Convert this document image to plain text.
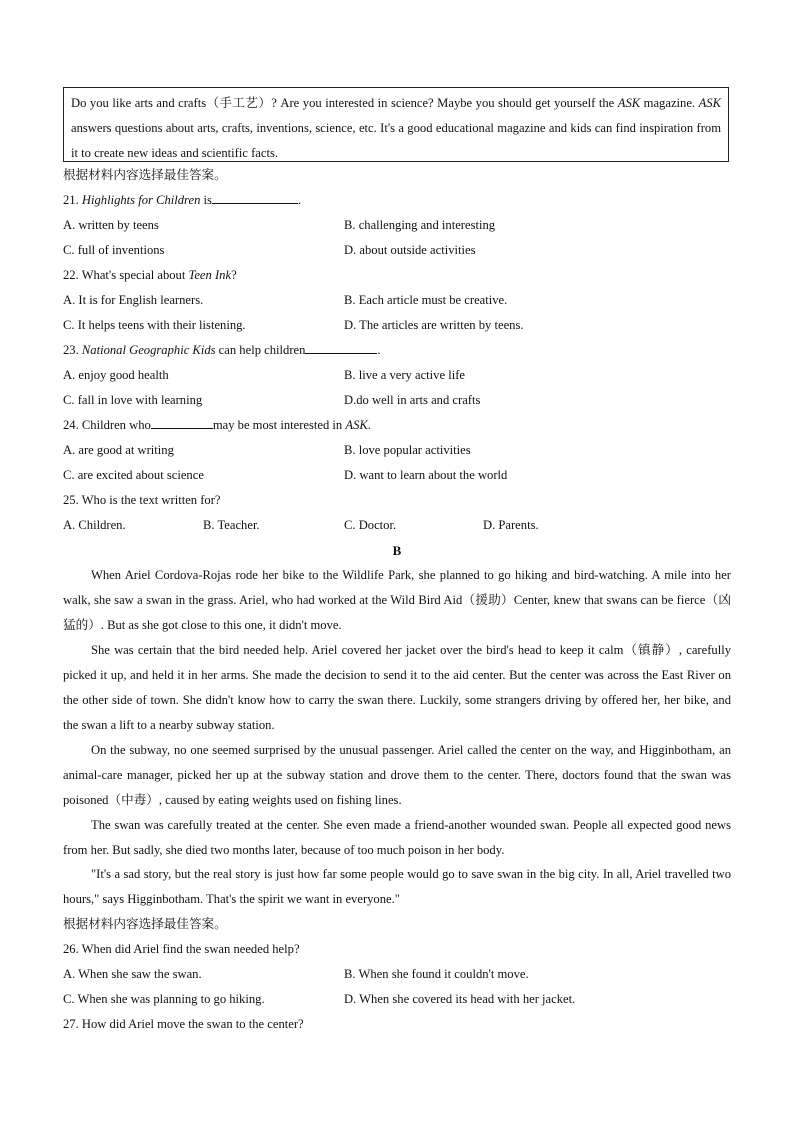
Do you like arts and crafts（手工艺）? Are you interested in science? Maybe you should get yourself the ASK magazine. ASK answers questions about arts, crafts, inventions, science, etc. It's a good educational magazine and kids can find inspiration from it to create new ideas and scientific facts.

根据材料内容选择最佳答案。
21. Highlights for Children is	.
A. written by teens	B. challenging and interesting
C. full of inventions	D. about outside activities
22. What's special about Teen Ink?
A. It is for English learners.	B. Each article must be creative.
C. It helps teens with their listening.	D. The articles are written by teens.
23. National Geographic Kids can help children	.
A. enjoy good health	B. live a very active life
C. fall in love with learning	D.do well in arts and crafts
24. Children who	may be most interested in ASK.
A. are good at writing	B. love popular activities
C. are excited about science	D. want to learn about the world
25. Who is the text written for?
A. Children.	B. Teacher.	C. Doctor.	D. Parents.
B

When Ariel Cordova-Rojas rode her bike to the Wildlife Park, she planned to go hiking and bird-watching. A mile into her walk, she saw a swan in the grass. Ariel, who had worked at the Wild Bird Aid（援助）Center, knew that swans can be fierce（凶猛的）. But as she got close to this one, it didn't move.

She was certain that the bird needed help. Ariel covered her jacket over the bird's head to keep it calm（镇静）, carefully picked it up, and held it in her arms. She made the decision to send it to the aid center. But the center was across the East River on the other side of town. She didn't know how to carry the swan there. Luckily, some strangers driving by offered her, her bike, and the swan a lift to a nearby subway station.

On the subway, no one seemed surprised by the unusual passenger. Ariel called the center on the way, and Higginbotham, an animal-care manager, picked her up at the subway station and drove them to the center. There, doctors found that the swan was poisoned（中毒）, caused by eating weights used on fishing lines.

The swan was carefully treated at the center. She even made a friend-another wounded swan. People all expected good news from her. But sadly, she died two months later, because of too much poison in her body.

"It's a sad story, but the real story is just how far some people would go to save swan in the big city. In all, Ariel travelled two hours," says Higginbotham. That's the spirit we want in everyone."

根据材料内容选择最佳答案。
26. When did Ariel find the swan needed help?
A. When she saw the swan.	B. When she found it couldn't move.
C. When she was planning to go hiking.	D. When she covered its head with her jacket.
27. How did Ariel move the swan to the center?
